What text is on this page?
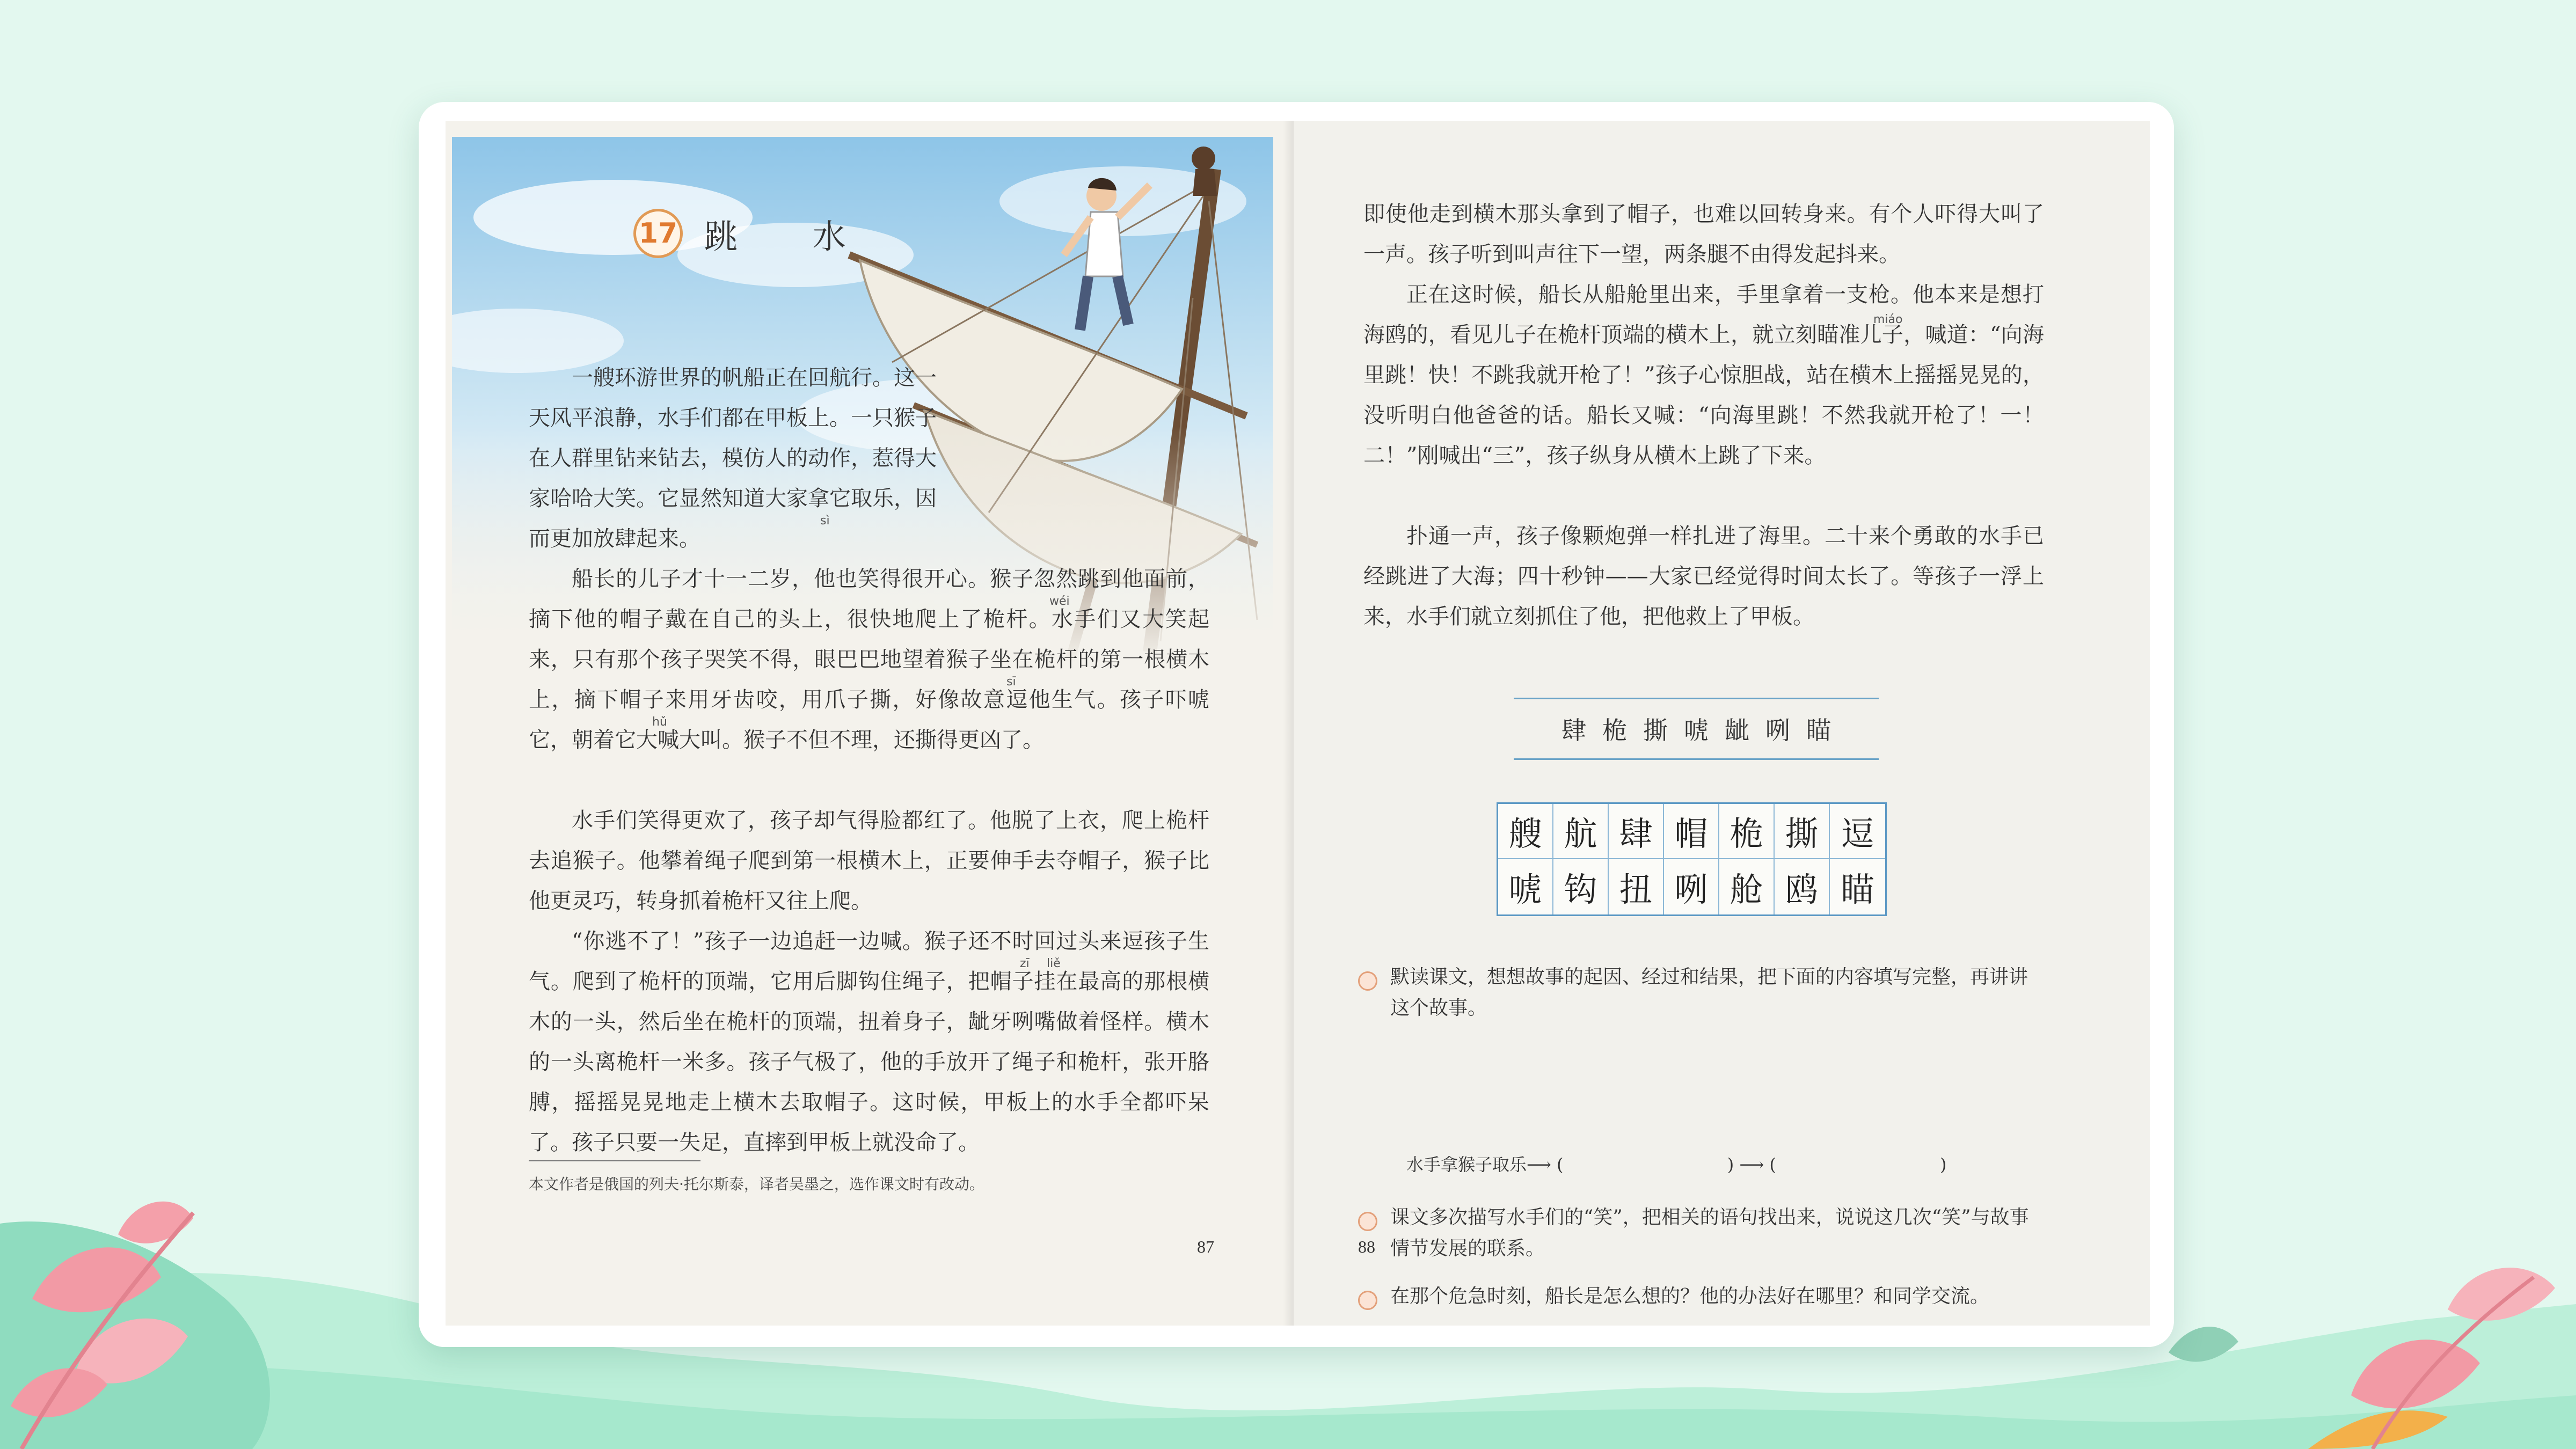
17 跳 水

一艘环游世界的帆船正在回航行。这一天风平浪静，水手们都在甲板上。一只猴子在人群里钻来钻去，模仿人的动作，惹得大家哈哈大笑。它显然知道大家拿它取乐，因而更加放肆起来。

船长的儿子才十一二岁，他也笑得很开心。猴子忽然跳到他面前，摘下他的帽子戴在自己的头上，很快地爬上了桅杆。水手们又大笑起来，只有那个孩子哭笑不得，眼巴巴地望着猴子坐在桅杆的第一根横木上，摘下帽子来用牙齿咬，用爪子撕，好像故意逗他生气。孩子吓唬它，朝着它大喊大叫。猴子不但不理，还撕得更凶了。

水手们笑得更欢了，孩子却气得脸都红了。他脱了上衣，爬上桅杆去追猴子。他攀着绳子爬到第一根横木上，正要伸手去夺帽子，猴子比他更灵巧，转身抓着桅杆又往上爬。

“你逃不了！”孩子一边追赶一边喊。猴子还不时回过头来逗孩子生气。爬到了桅杆的顶端，它用后脚钩住绳子，把帽子挂在最高的那根横木的一头，然后坐在桅杆的顶端，扭着身子，龇牙咧嘴做着怪样。横木的一头离桅杆一米多。孩子气极了，他的手放开了绳子和桅杆，张开胳膊，摇摇晃晃地走上横木去取帽子。这时候，甲板上的水手全都吓呆了。孩子只要一失足，直摔到甲板上就没命了。

sì
wéi
sī
hǔ
zī liě
本文作者是俄国的列夫·托尔斯泰，译者吴墨之，选作课文时有改动。
87

即使他走到横木那头拿到了帽子，也难以回转身来。有个人吓得大叫了一声。孩子听到叫声往下一望，两条腿不由得发起抖来。

正在这时候，船长从船舱里出来，手里拿着一支枪。他本来是想打海鸥的，看见儿子在桅杆顶端的横木上，就立刻瞄准儿子，喊道：“向海里跳！快！不跳我就开枪了！”孩子心惊胆战，站在横木上摇摇晃晃的，没听明白他爸爸的话。船长又喊：“向海里跳！不然我就开枪了！一！二！”刚喊出“三”，孩子纵身从横木上跳了下来。

扑通一声，孩子像颗炮弹一样扎进了海里。二十来个勇敢的水手已经跳进了大海；四十秒钟——大家已经觉得时间太长了。等孩子一浮上来，水手们就立刻抓住了他，把他救上了甲板。

miáo
肆 桅 撕 唬 龇 咧 瞄
艘 航 肆 帽 桅 撕 逗
唬 钩 扭 咧 舱 鸥 瞄

默读课文，想想故事的起因、经过和结果，把下面的内容填写完整，再讲讲这个故事。

水手拿猴子取乐⟶ (                              ) ⟶ (                              )

课文多次描写水手们的“笑”，把相关的语句找出来，说说这几次“笑”与故事情节发展的联系。

在那个危急时刻，船长是怎么想的？他的办法好在哪里？和同学交流。

88
